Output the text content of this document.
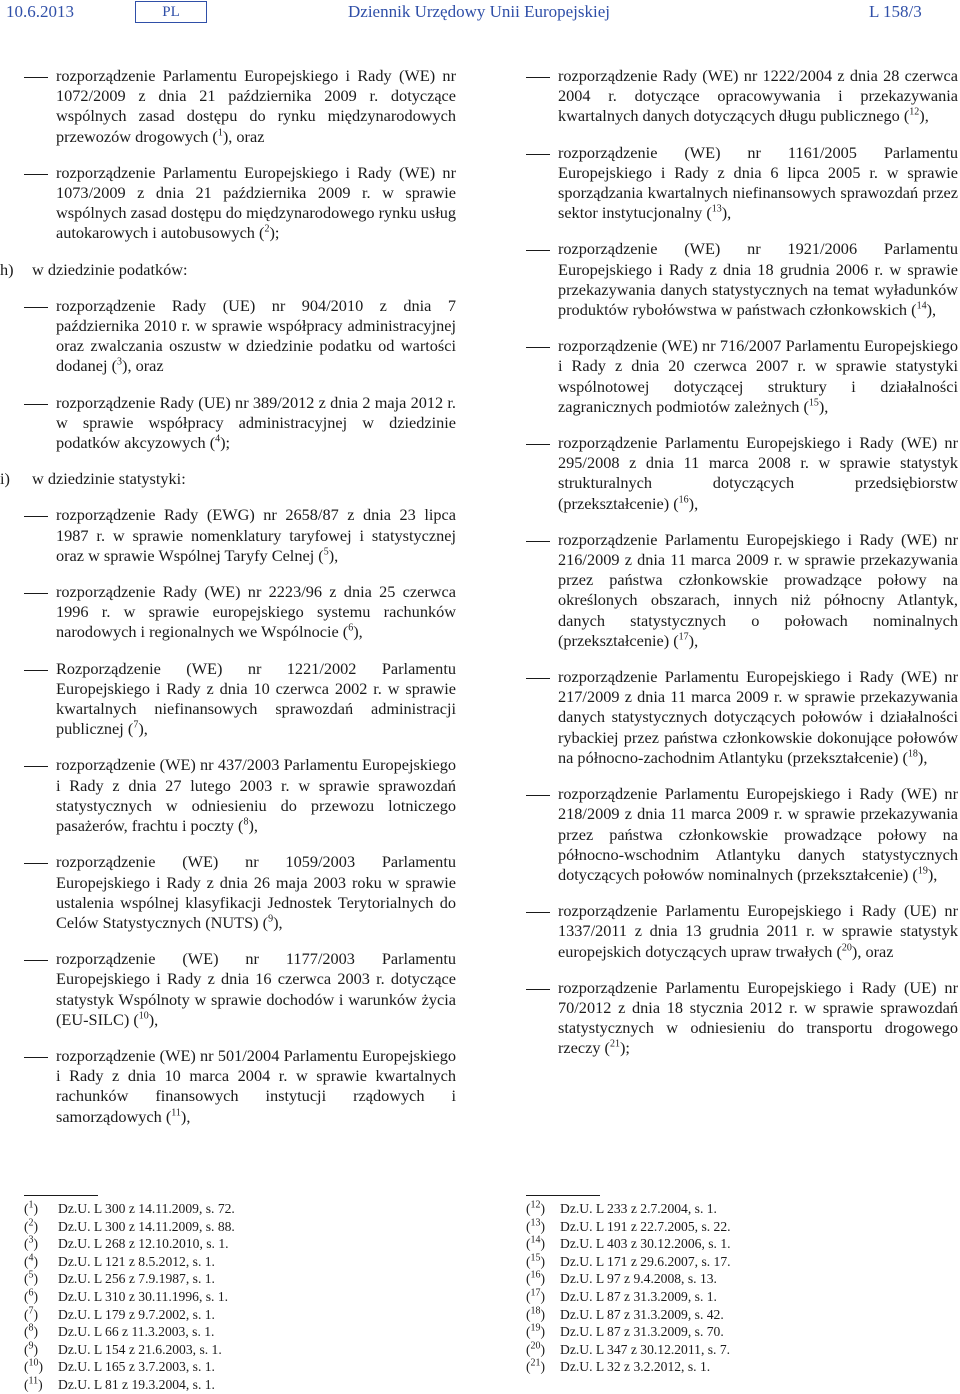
10.6.2013	PL	Dziennik Urzędowy Unii Europejskiej	L 158/3
rozporządzenie Parlamentu Europejskiego i Rady (WE) nr 1072/2009 z dnia 21 października 2009 r. dotyczące wspólnych zasad dostępu do rynku międzynarodowych przewozów drogowych ($^1$), oraz
rozporządzenie Parlamentu Europejskiego i Rady (WE) nr 1073/2009 z dnia 21 października 2009 r. w sprawie wspólnych zasad dostępu do międzynarodowego rynku usług autokarowych i autobusowych ($^2$);
h) w dziedzinie podatków:
rozporządzenie Rady (UE) nr 904/2010 z dnia 7 października 2010 r. w sprawie współpracy administracyjnej oraz zwalczania oszustw w dziedzinie podatku od wartości dodanej ($^3$), oraz
rozporządzenie Rady (UE) nr 389/2012 z dnia 2 maja 2012 r. w sprawie współpracy administracyjnej w dziedzinie podatków akcyzowych ($^4$);
i) w dziedzinie statystyki:
rozporządzenie Rady (EWG) nr 2658/87 z dnia 23 lipca 1987 r. w sprawie nomenklatury taryfowej i statystycznej oraz w sprawie Wspólnej Taryfy Celnej ($^5$),
rozporządzenie Rady (WE) nr 2223/96 z dnia 25 czerwca 1996 r. w sprawie europejskiego systemu rachunków narodowych i regionalnych we Wspólnocie ($^6$),
Rozporządzenie (WE) nr 1221/2002 Parlamentu Europejskiego i Rady z dnia 10 czerwca 2002 r. w sprawie kwartalnych niefinansowych sprawozdań administracji publicznej ($^7$),
rozporządzenie (WE) nr 437/2003 Parlamentu Europejskiego i Rady z dnia 27 lutego 2003 r. w sprawie sprawozdań statystycznych w odniesieniu do przewozu lotniczego pasażerów, frachtu i poczty ($^8$),
rozporządzenie (WE) nr 1059/2003 Parlamentu Europejskiego i Rady z dnia 26 maja 2003 roku w sprawie ustalenia wspólnej klasyfikacji Jednostek Terytorialnych do Celów Statystycznych (NUTS) ($^9$),
rozporządzenie (WE) nr 1177/2003 Parlamentu Europejskiego i Rady z dnia 16 czerwca 2003 r. dotyczące statystyk Wspólnoty w sprawie dochodów i warunków życia (EU-SILC) ($^{10}$),
rozporządzenie (WE) nr 501/2004 Parlamentu Europejskiego i Rady z dnia 10 marca 2004 r. w sprawie kwartalnych rachunków finansowych instytucji rządowych i samorządowych ($^{11}$),
rozporządzenie Rady (WE) nr 1222/2004 z dnia 28 czerwca 2004 r. dotyczące opracowywania i przekazywania kwartalnych danych dotyczących długu publicznego ($^{12}$),
rozporządzenie (WE) nr 1161/2005 Parlamentu Europejskiego i Rady z dnia 6 lipca 2005 r. w sprawie sporządzania kwartalnych niefinansowych sprawozdań przez sektor instytucjonalny ($^{13}$),
rozporządzenie (WE) nr 1921/2006 Parlamentu Europejskiego i Rady z dnia 18 grudnia 2006 r. w sprawie przekazywania danych statystycznych na temat wyładunków produktów rybołówstwa w państwach członkowskich ($^{14}$),
rozporządzenie (WE) nr 716/2007 Parlamentu Europejskiego i Rady z dnia 20 czerwca 2007 r. w sprawie statystyki wspólnotowej dotyczącej struktury i działalności zagranicznych podmiotów zależnych ($^{15}$),
rozporządzenie Parlamentu Europejskiego i Rady (WE) nr 295/2008 z dnia 11 marca 2008 r. w sprawie statystyk strukturalnych dotyczących przedsiębiorstw (przekształcenie) ($^{16}$),
rozporządzenie Parlamentu Europejskiego i Rady (WE) nr 216/2009 z dnia 11 marca 2009 r. w sprawie przekazywania przez państwa członkowskie prowadzące połowy na określonych obszarach, innych niż północny Atlantyk, danych statystycznych o połowach nominalnych (przekształcenie) ($^{17}$),
rozporządzenie Parlamentu Europejskiego i Rady (WE) nr 217/2009 z dnia 11 marca 2009 r. w sprawie przekazywania danych statystycznych dotyczących połowów i działalności rybackiej przez państwa członkowskie dokonujące połowów na północno-zachodnim Atlantyku (przekształcenie) ($^{18}$),
rozporządzenie Parlamentu Europejskiego i Rady (WE) nr 218/2009 z dnia 11 marca 2009 r. w sprawie przekazywania przez państwa członkowskie prowadzące połowy na północno-wschodnim Atlantyku danych statystycznych dotyczących połowów nominalnych (przekształcenie) ($^{19}$),
rozporządzenie Parlamentu Europejskiego i Rady (UE) nr 1337/2011 z dnia 13 grudnia 2011 r. w sprawie statystyk europejskich dotyczących upraw trwałych ($^{20}$), oraz
rozporządzenie Parlamentu Europejskiego i Rady (UE) nr 70/2012 z dnia 18 stycznia 2012 r. w sprawie sprawozdań statystycznych w odniesieniu do transportu drogowego rzeczy ($^{21}$);
($^1$)	Dz.U. L 300 z 14.11.2009, s. 72.
($^2$)	Dz.U. L 300 z 14.11.2009, s. 88.
($^3$)	Dz.U. L 268 z 12.10.2010, s. 1.
($^4$)	Dz.U. L 121 z 8.5.2012, s. 1.
($^5$)	Dz.U. L 256 z 7.9.1987, s. 1.
($^6$)	Dz.U. L 310 z 30.11.1996, s. 1.
($^7$)	Dz.U. L 179 z 9.7.2002, s. 1.
($^8$)	Dz.U. L 66 z 11.3.2003, s. 1.
($^9$)	Dz.U. L 154 z 21.6.2003, s. 1.
($^{10}$)	Dz.U. L 165 z 3.7.2003, s. 1.
($^{11}$)	Dz.U. L 81 z 19.3.2004, s. 1.
($^{12}$)	Dz.U. L 233 z 2.7.2004, s. 1.
($^{13}$)	Dz.U. L 191 z 22.7.2005, s. 22.
($^{14}$)	Dz.U. L 403 z 30.12.2006, s. 1.
($^{15}$)	Dz.U. L 171 z 29.6.2007, s. 17.
($^{16}$)	Dz.U. L 97 z 9.4.2008, s. 13.
($^{17}$)	Dz.U. L 87 z 31.3.2009, s. 1.
($^{18}$)	Dz.U. L 87 z 31.3.2009, s. 42.
($^{19}$)	Dz.U. L 87 z 31.3.2009, s. 70.
($^{20}$)	Dz.U. L 347 z 30.12.2011, s. 7.
($^{21}$)	Dz.U. L 32 z 3.2.2012, s. 1.
